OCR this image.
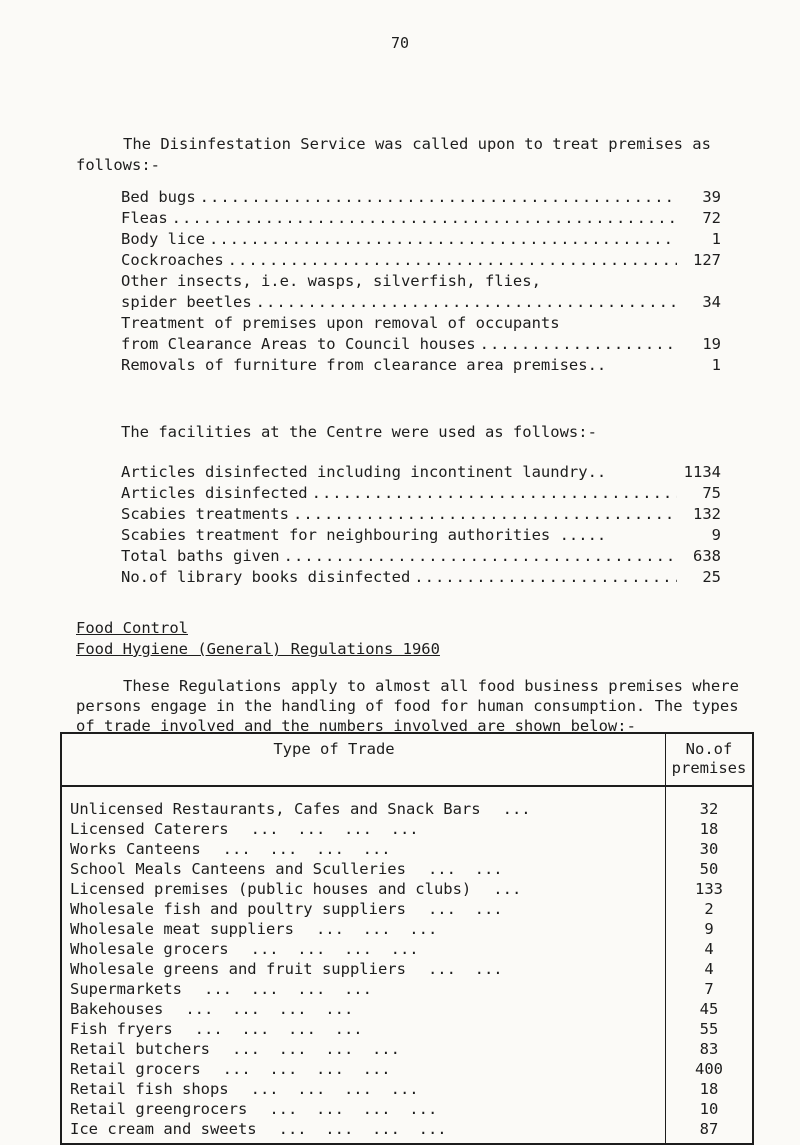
70
The Disinfestation Service was called upon to treat premises as follows:-
Bed bugs .....	39
Fleas .....	72
Body lice .....	1
Cockroaches .....	127
Other insects, i.e. wasps, silverfish, flies,
spider beetles .....	34
Treatment of premises upon removal of occupants
from Clearance Areas to Council houses .....	19
Removals of furniture from clearance area premises..	1
The facilities at the Centre were used as follows:-
Articles disinfected including incontinent laundry..	1134
Articles disinfected .....	75
Scabies treatments .....	132
Scabies treatment for neighbouring authorities .....	9
Total baths given .....	638
No.of library books disinfected .....	25
Food Control
Food Hygiene (General) Regulations 1960
These Regulations apply to almost all food business premises where persons engage in the handling of food for human consumption. The types of trade involved and the numbers involved are shown below:-
Type of Trade	No.of
premises
Unlicensed Restaurants, Cafes and Snack Bars ...	32
Licensed Caterers ...  ...  ...  ...	18
Works Canteens ...  ...  ...  ...	30
School Meals Canteens and Sculleries ...  ...	50
Licensed premises (public houses and clubs) ...	133
Wholesale fish and poultry suppliers ...  ...	2
Wholesale meat suppliers ...  ...  ...	9
Wholesale grocers ...  ...  ...  ...	4
Wholesale greens and fruit suppliers ...  ...	4
Supermarkets ...  ...  ...  ...	7
Bakehouses ...  ...  ...  ...	45
Fish fryers ...  ...  ...  ...	55
Retail butchers ...  ...  ...  ...	83
Retail grocers ...  ...  ...  ...	400
Retail fish shops ...  ...  ...  ...	18
Retail greengrocers ...  ...  ...  ...	10
Ice cream and sweets ...  ...  ...  ...	87
